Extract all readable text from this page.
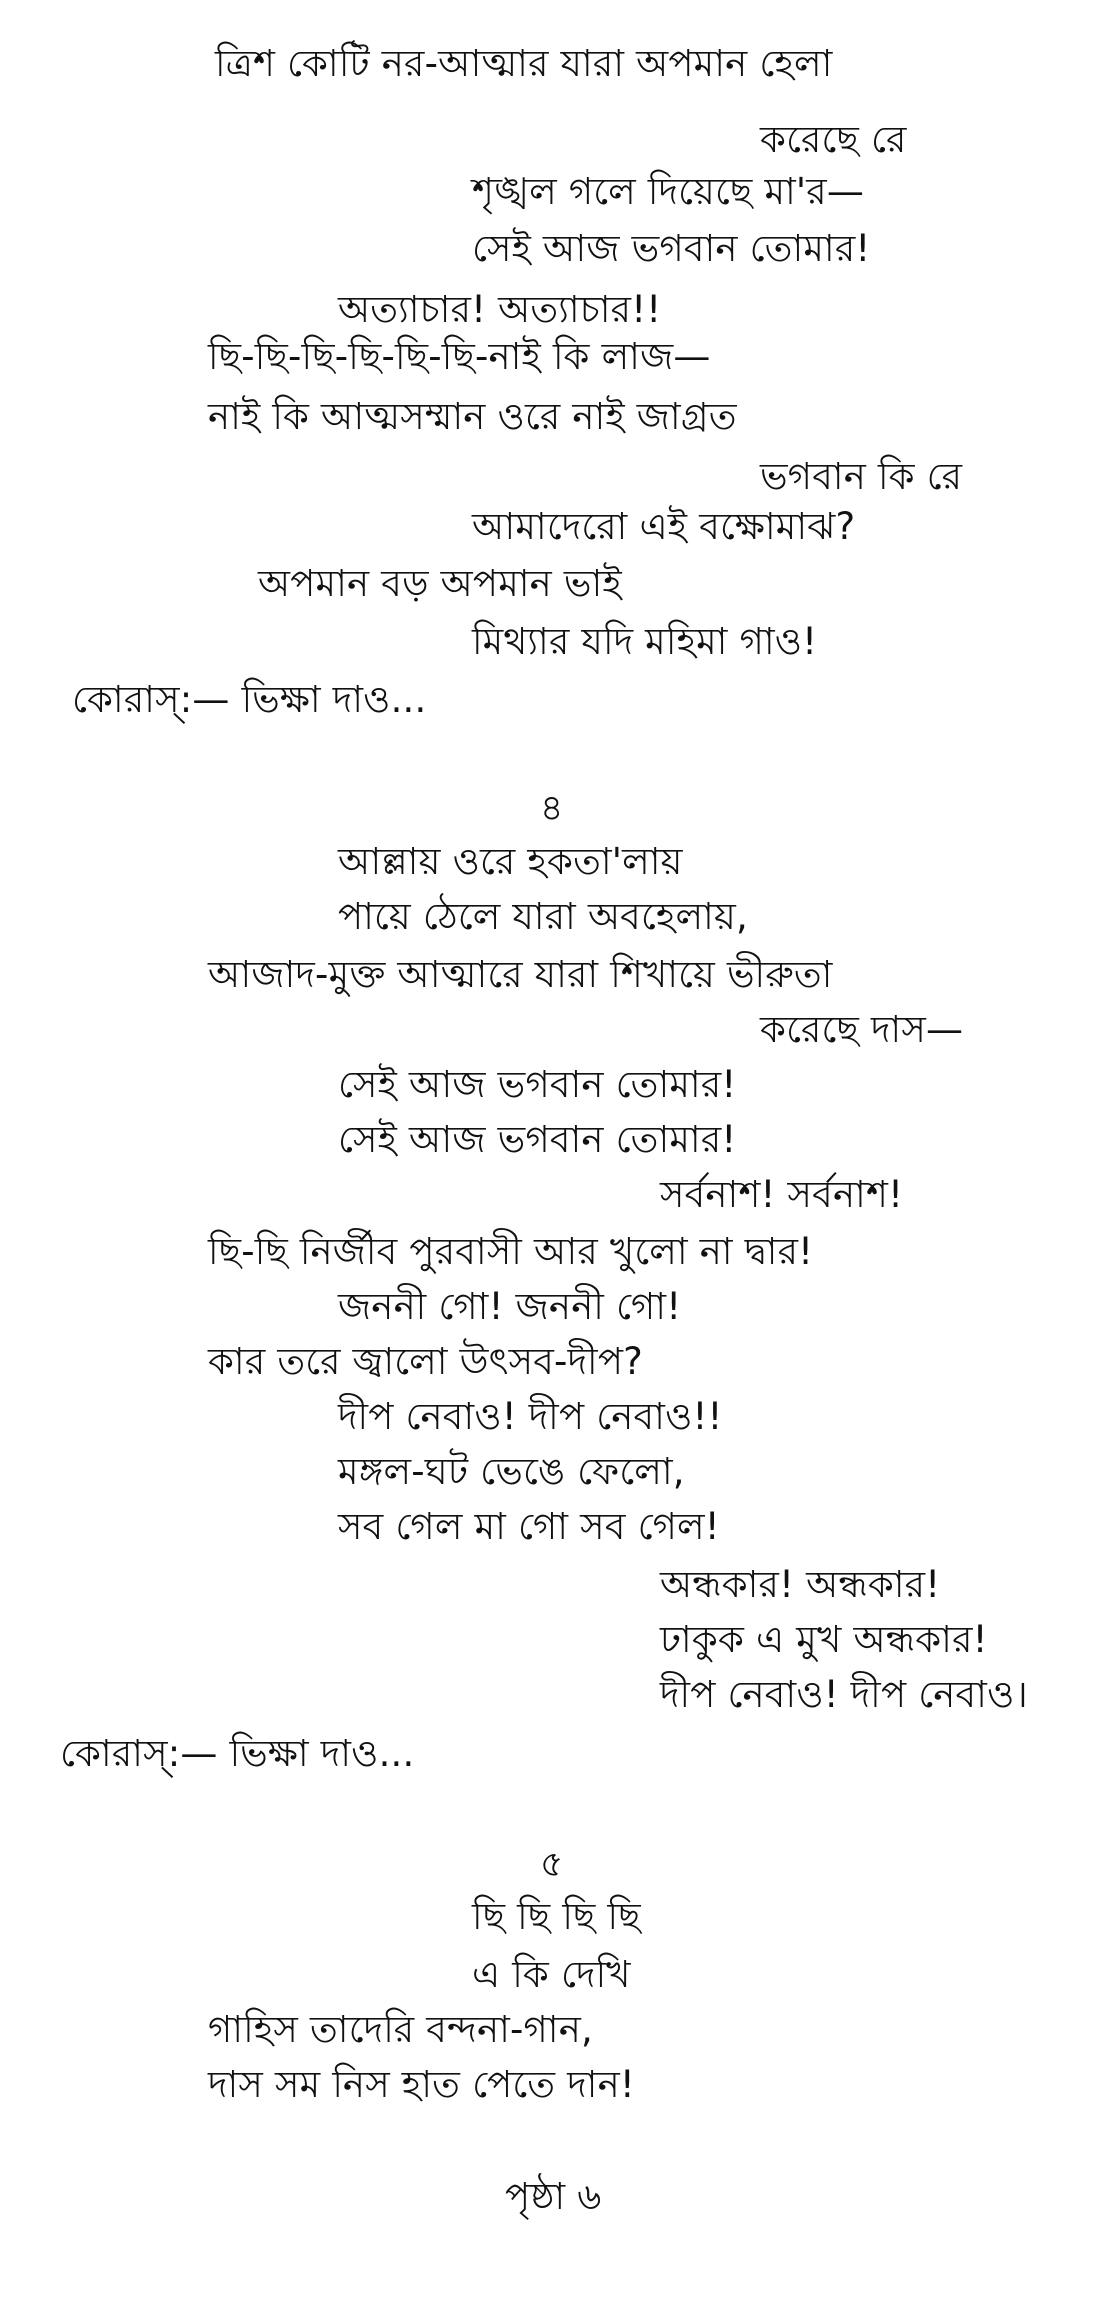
ত্রিশ কোটি নর-আত্মার যারা অপমান হেলা
করেছে রে
শৃঙ্খল গলে দিয়েছে মা'র—
সেই আজ ভগবান তোমার!
অত্যাচার! অত্যাচার!!
ছি-ছি-ছি-ছি-ছি-ছি-নাই কি লাজ—
নাই কি আত্মসম্মান ওরে নাই জাগ্রত
ভগবান কি রে
আমাদেরো এই বক্ষোমাঝ?
অপমান বড় অপমান ভাই
মিথ্যার যদি মহিমা গাও!
কোরাস্:— ভিক্ষা দাও...
৪
আল্লায় ওরে হকতা'লায়
পায়ে ঠেলে যারা অবহেলায়,
আজাদ-মুক্ত আত্মারে যারা শিখায়ে ভীরুতা
করেছে দাস—
সেই আজ ভগবান তোমার!
সেই আজ ভগবান তোমার!
সর্বনাশ! সর্বনাশ!
ছি-ছি নির্জীব পুরবাসী আর খুলো না দ্বার!
জননী গো! জননী গো!
কার তরে জ্বালো উৎসব-দীপ?
দীপ নেবাও! দীপ নেবাও!!
মঙ্গল-ঘট ভেঙে ফেলো,
সব গেল মা গো সব গেল!
অন্ধকার! অন্ধকার!
ঢাকুক এ মুখ অন্ধকার!
দীপ নেবাও! দীপ নেবাও।
কোরাস্:— ভিক্ষা দাও...
৫
ছি ছি ছি ছি
এ কি দেখি
গাহিস তাদেরি বন্দনা-গান,
দাস সম নিস হাত পেতে দান!
পৃষ্ঠা ৬
